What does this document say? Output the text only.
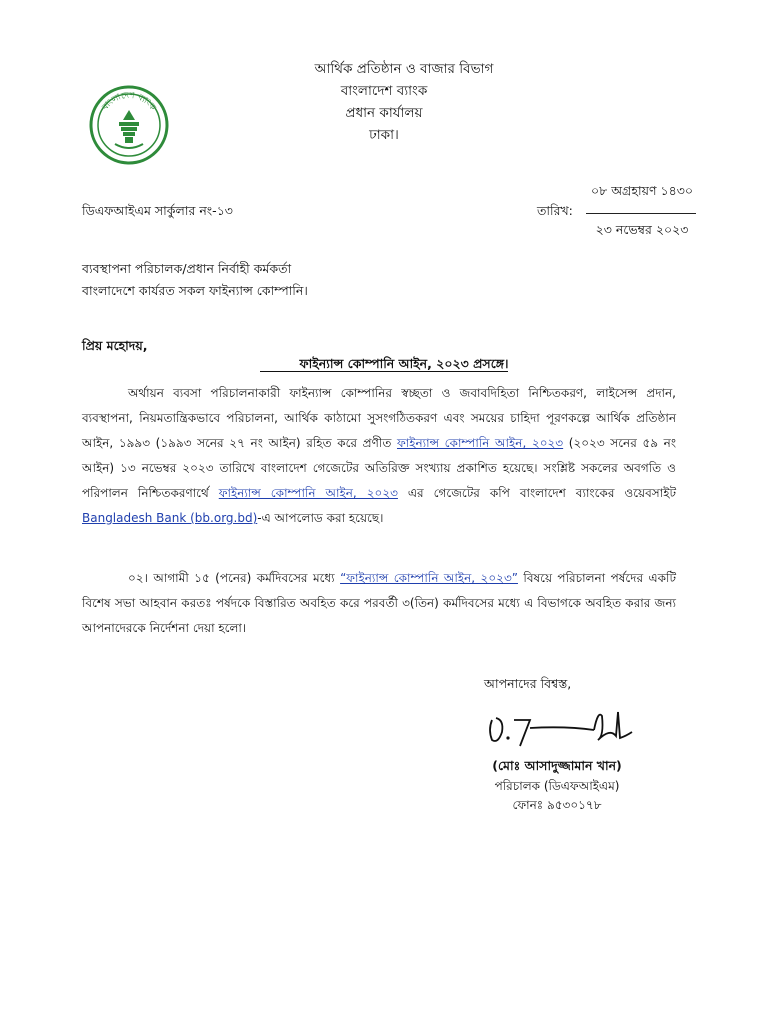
বাংলাদেশ ব্যাংক
আর্থিক প্রতিষ্ঠান ও বাজার বিভাগ
বাংলাদেশ ব্যাংক
প্রধান কার্যালয়
ঢাকা।
ডিএফআইএম সার্কুলার নং-১৩	তারিখ:
০৮ অগ্রহায়ণ ১৪৩০
২৩ নভেম্বর ২০২৩
ব্যবস্থাপনা পরিচালক/প্রধান নির্বাহী কর্মকর্তা
বাংলাদেশে কার্যরত সকল ফাইন্যান্স কোম্পানি।
প্রিয় মহোদয়,
ফাইন্যান্স কোম্পানি আইন, ২০২৩ প্রসঙ্গে।

অর্থায়ন ব্যবসা পরিচালনাকারী ফাইন্যান্স কোম্পানির স্বচ্ছতা ও জবাবদিহিতা নিশ্চিতকরণ, লাইসেন্স প্রদান, ব্যবস্থাপনা, নিয়মতান্ত্রিকভাবে পরিচালনা, আর্থিক কাঠামো সুসংগঠিতকরণ এবং সময়ের চাহিদা পূরণকল্পে আর্থিক প্রতিষ্ঠান আইন, ১৯৯৩ (১৯৯৩ সনের ২৭ নং আইন) রহিত করে প্রণীত ফাইন্যান্স কোম্পানি আইন, ২০২৩ (২০২৩ সনের ৫৯ নং আইন) ১৩ নভেম্বর ২০২৩ তারিখে বাংলাদেশ গেজেটের অতিরিক্ত সংখ্যায় প্রকাশিত হয়েছে। সংশ্লিষ্ট সকলের অবগতি ও পরিপালন নিশ্চিতকরণার্থে ফাইন্যান্স কোম্পানি আইন, ২০২৩ এর গেজেটের কপি বাংলাদেশ ব্যাংকের ওয়েবসাইট Bangladesh Bank (bb.org.bd)-এ আপলোড করা হয়েছে।

০২। আগামী ১৫ (পনের) কর্মদিবসের মধ্যে “ফাইন্যান্স কোম্পানি আইন, ২০২৩” বিষয়ে পরিচালনা পর্ষদের একটি বিশেষ সভা আহবান করতঃ পর্ষদকে বিস্তারিত অবহিত করে পরবর্তী ৩(তিন) কর্মদিবসের মধ্যে এ বিভাগকে অবহিত করার জন্য আপনাদেরকে নির্দেশনা দেয়া হলো।

আপনাদের বিশ্বস্ত,
(মোঃ আসাদুজ্জামান খান)
পরিচালক (ডিএফআইএম)
ফোনঃ ৯৫৩০১৭৮
